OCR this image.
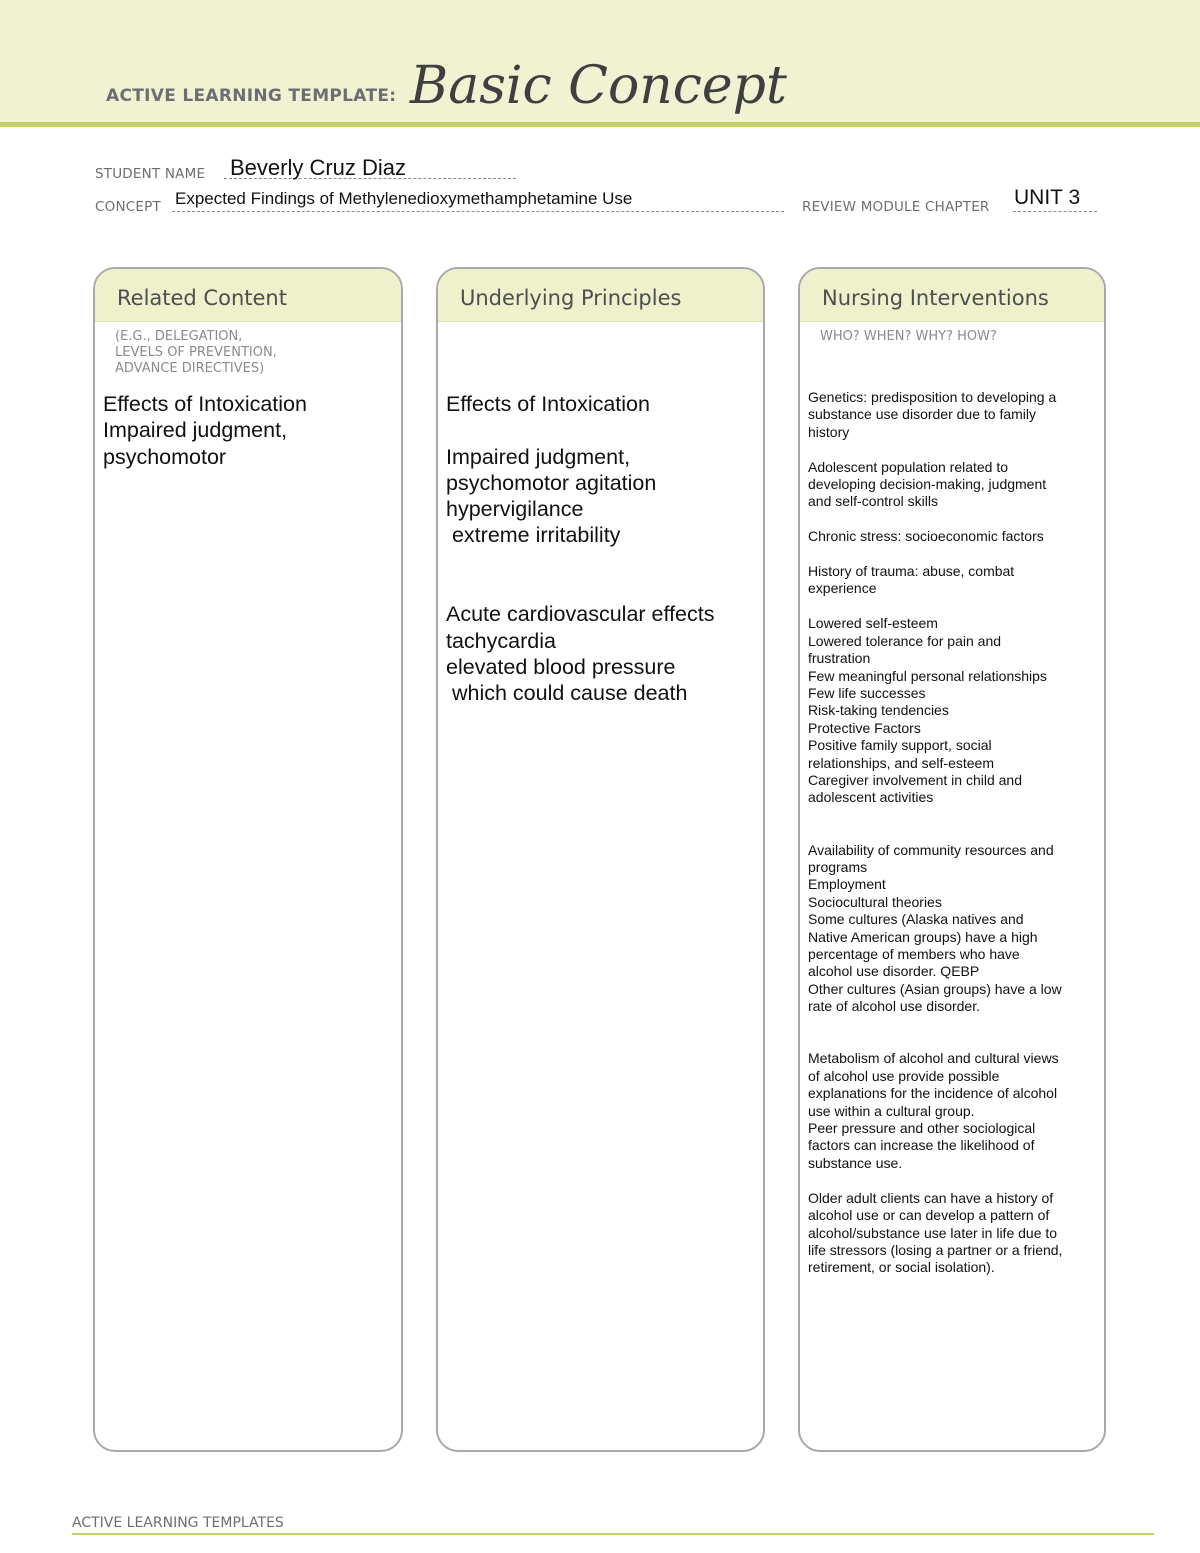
ACTIVE LEARNING TEMPLATE: Basic Concept
STUDENT NAME Beverly Cruz Diaz
CONCEPT Expected Findings of Methylenedioxymethamphetamine Use	REVIEW MODULE CHAPTER UNIT 3
Related Content
(E.G., DELEGATION,
LEVELS OF PREVENTION,
ADVANCE DIRECTIVES)
Effects of Intoxication
Impaired judgment,
psychomotor
Underlying Principles
Effects of Intoxication

Impaired judgment,
psychomotor agitation
hypervigilance
extreme irritability

Acute cardiovascular effects
tachycardia
elevated blood pressure
which could cause death
Nursing Interventions
WHO? WHEN? WHY? HOW?
Genetics: predisposition to developing a
substance use disorder due to family
history

Adolescent population related to
developing decision-making, judgment
and self-control skills

Chronic stress: socioeconomic factors

History of trauma: abuse, combat
experience

Lowered self-esteem
Lowered tolerance for pain and
frustration
Few meaningful personal relationships
Few life successes
Risk-taking tendencies
Protective Factors
Positive family support, social
relationships, and self-esteem
Caregiver involvement in child and
adolescent activities

Availability of community resources and
programs
Employment
Sociocultural theories
Some cultures (Alaska natives and
Native American groups) have a high
percentage of members who have
alcohol use disorder. QEBP
Other cultures (Asian groups) have a low
rate of alcohol use disorder.

Metabolism of alcohol and cultural views
of alcohol use provide possible
explanations for the incidence of alcohol
use within a cultural group.
Peer pressure and other sociological
factors can increase the likelihood of
substance use.

Older adult clients can have a history of
alcohol use or can develop a pattern of
alcohol/substance use later in life due to
life stressors (losing a partner or a friend,
retirement, or social isolation).
ACTIVE LEARNING TEMPLATES
